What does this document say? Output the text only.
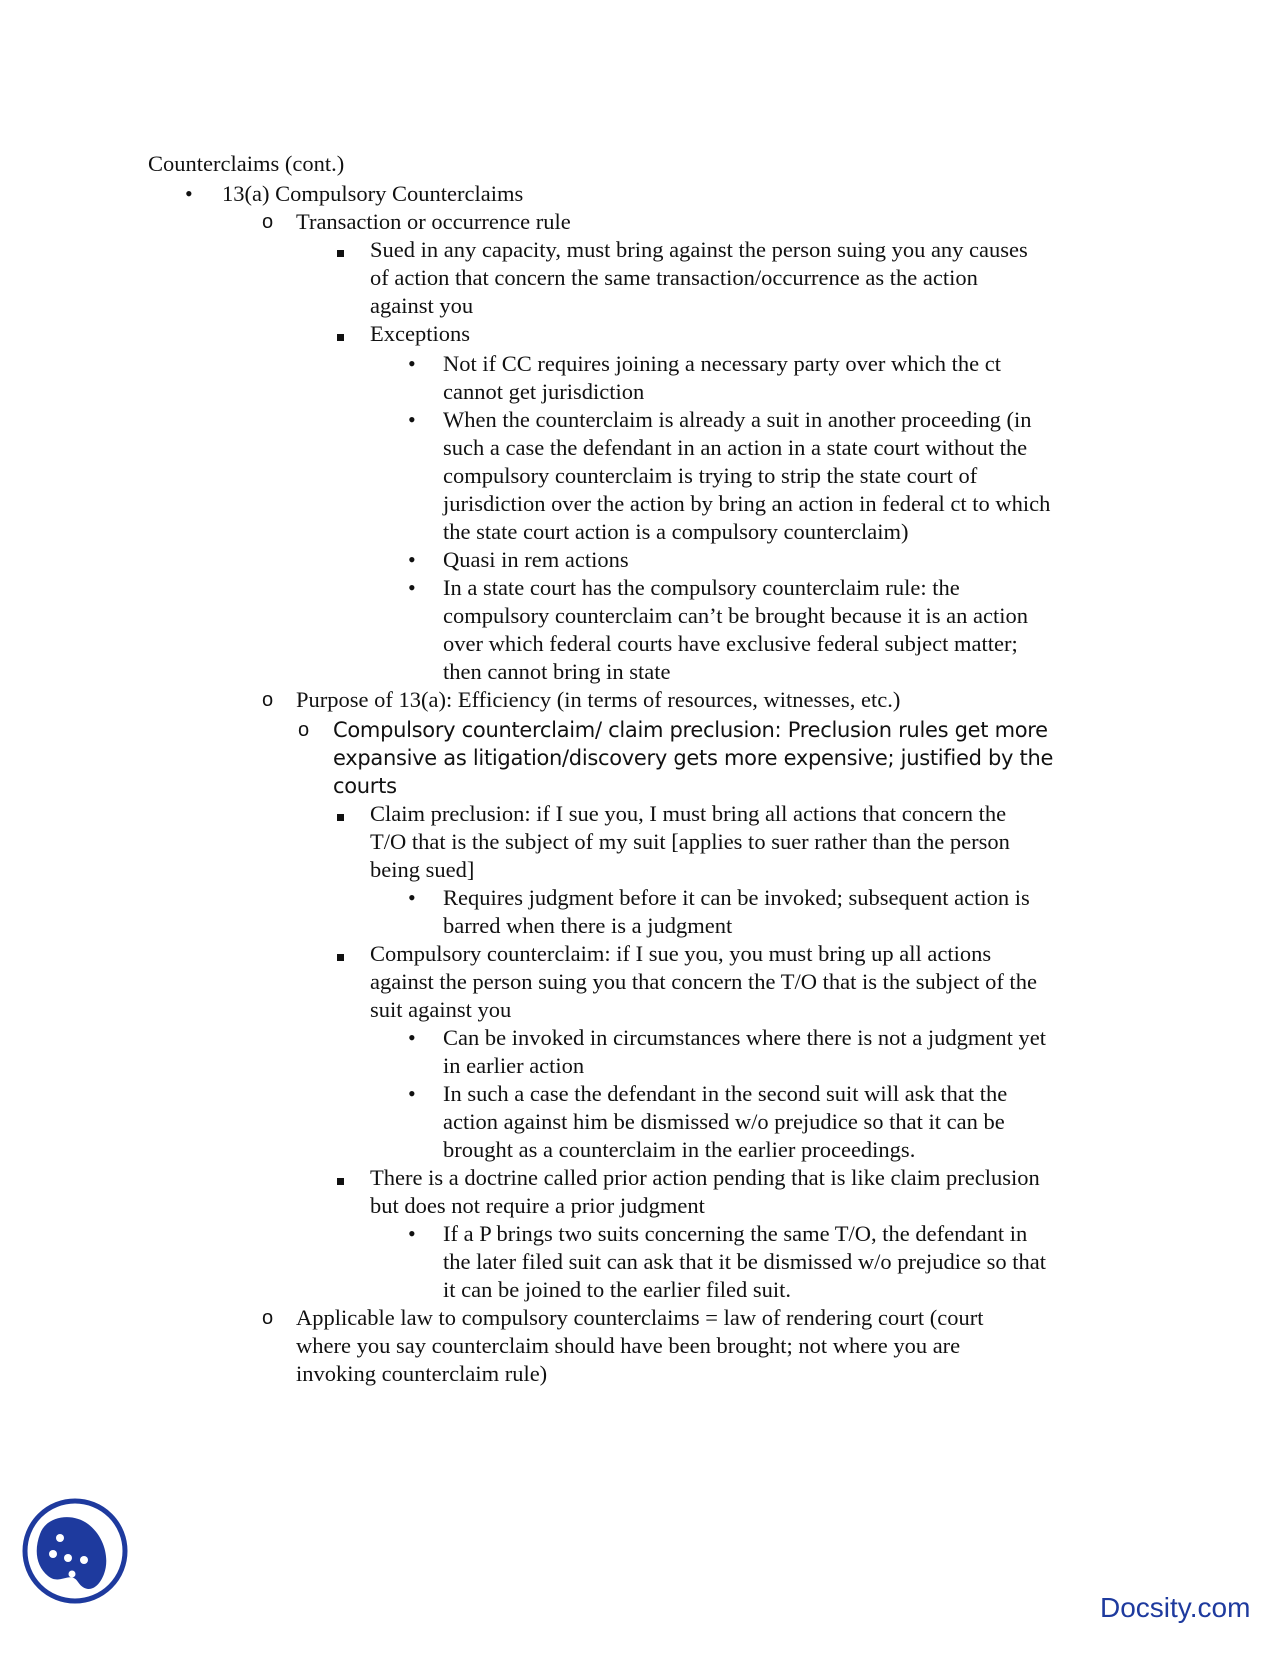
Counterclaims (cont.)
• 13(a) Compulsory Counterclaims
o Transaction or occurrence rule
Sued in any capacity, must bring against the person suing you any causes
of action that concern the same transaction/occurrence as the action
against you
Exceptions
• Not if CC requires joining a necessary party over which the ct
cannot get jurisdiction
• When the counterclaim is already a suit in another proceeding (in
such a case the defendant in an action in a state court without the
compulsory counterclaim is trying to strip the state court of
jurisdiction over the action by bring an action in federal ct to which
the state court action is a compulsory counterclaim)
• Quasi in rem actions
• In a state court has the compulsory counterclaim rule: the
compulsory counterclaim can’t be brought because it is an action
over which federal courts have exclusive federal subject matter;
then cannot bring in state
o Purpose of 13(a): Efficiency (in terms of resources, witnesses, etc.)
o Compulsory counterclaim/ claim preclusion: Preclusion rules get more
expansive as litigation/discovery gets more expensive; justified by the
courts
Claim preclusion: if I sue you, I must bring all actions that concern the
T/O that is the subject of my suit [applies to suer rather than the person
being sued]
• Requires judgment before it can be invoked; subsequent action is
barred when there is a judgment
Compulsory counterclaim: if I sue you, you must bring up all actions
against the person suing you that concern the T/O that is the subject of the
suit against you
• Can be invoked in circumstances where there is not a judgment yet
in earlier action
• In such a case the defendant in the second suit will ask that the
action against him be dismissed w/o prejudice so that it can be
brought as a counterclaim in the earlier proceedings.
There is a doctrine called prior action pending that is like claim preclusion
but does not require a prior judgment
• If a P brings two suits concerning the same T/O, the defendant in
the later filed suit can ask that it be dismissed w/o prejudice so that
it can be joined to the earlier filed suit.
o Applicable law to compulsory counterclaims = law of rendering court (court
where you say counterclaim should have been brought; not where you are
invoking counterclaim rule)
Docsity.com
